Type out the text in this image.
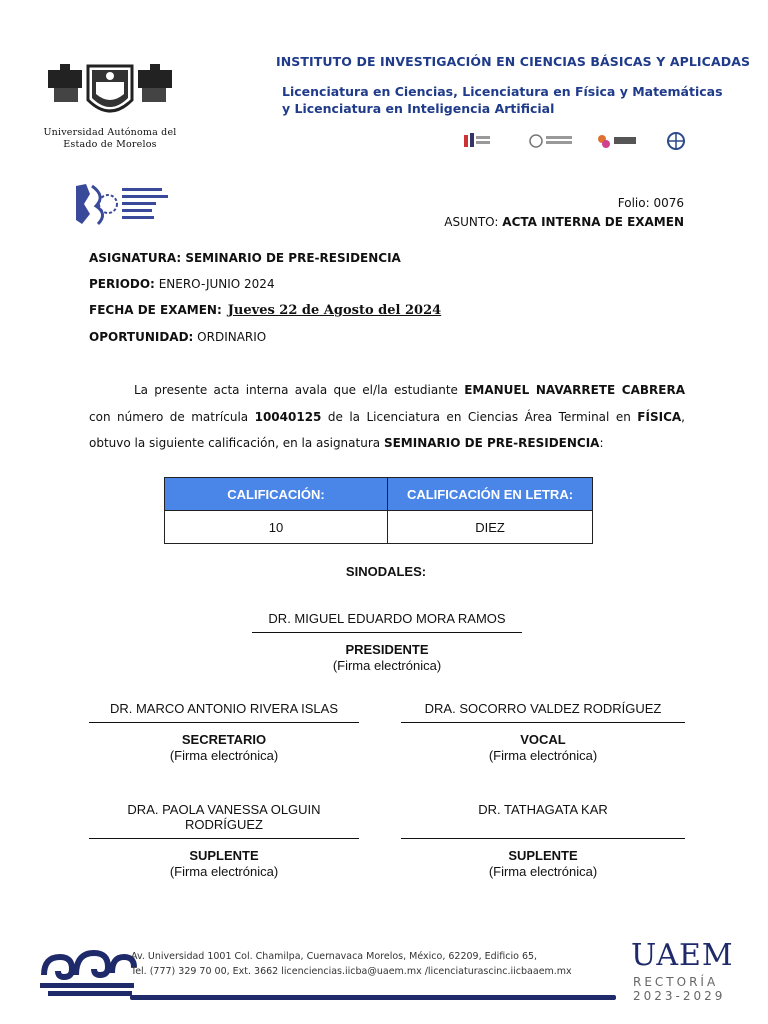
Universidad Autónoma del Estado de Morelos
INSTITUTO DE INVESTIGACIÓN EN CIENCIAS BÁSICAS Y APLICADAS
Licenciatura en Ciencias, Licenciatura en Física y Matemáticas
y Licenciatura en Inteligencia Artificial
Folio: 0076
ASUNTO: ACTA INTERNA DE EXAMEN
ASIGNATURA: SEMINARIO DE PRE-RESIDENCIA
PERIODO: ENERO-JUNIO 2024
FECHA DE EXAMEN: Jueves 22 de Agosto del 2024
OPORTUNIDAD: ORDINARIO
La presente acta interna avala que el/la estudiante EMANUEL NAVARRETE CABRERA con número de matrícula 10040125 de la Licenciatura en Ciencias Área Terminal en FÍSICA, obtuvo la siguiente calificación, en la asignatura SEMINARIO DE PRE-RESIDENCIA:
CALIFICACIÓN:	CALIFICACIÓN EN LETRA:
10	DIEZ
SINODALES:
DR. MIGUEL EDUARDO MORA RAMOS
PRESIDENTE
(Firma electrónica)
DR. MARCO ANTONIO RIVERA ISLAS
SECRETARIO
(Firma electrónica)
DRA. SOCORRO VALDEZ RODRÍGUEZ
VOCAL
(Firma electrónica)
DRA. PAOLA VANESSA OLGUIN RODRÍGUEZ
SUPLENTE
(Firma electrónica)
DR. TATHAGATA KAR
SUPLENTE
(Firma electrónica)
Av. Universidad 1001 Col. Chamilpa, Cuernavaca Morelos, México, 62209, Edificio 65,
Tel. (777) 329 70 00, Ext. 3662 licenciencias.iicba@uaem.mx /licenciaturascinc.iicbaaem.mx UAEM
RECTORÍA
2023-2029
